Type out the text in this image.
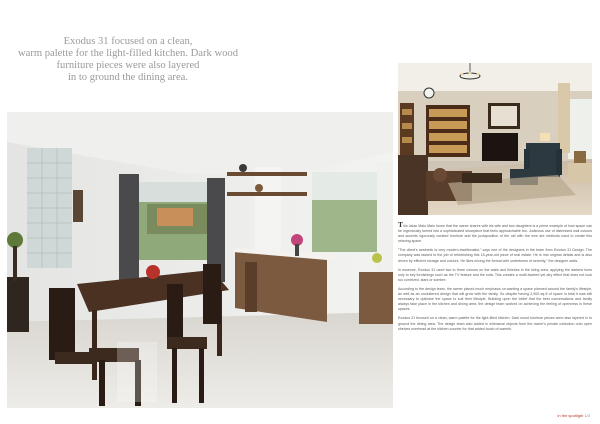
Exodus 31 focused on a clean,
warm palette for the light-filled kitchen. Dark wood
furniture pieces were also layered
in to ground the dining area.

This Jalan Malu Malu home that the owner shares with his wife and two daughters is a prime example of how space can be ingeniously turned into a sophisticated showpiece that feels approachable too. Judicious use of distressed wall colours and accents rigorously curated furniture and the juxtaposition of the old with the new are methods used to create this relaxing space.

"The client's aesthetic is very modern-traditionalist," says one of the designers in the team from Exodus 31 Design. The company was tasked to the job of refurbishing this 15-year-old piece of real estate. He is into original details and is also driven by efficient storage and colours. He likes mixing the formal with undertones of serenity," the designer adds.

In essence, Exodus 31 used two to three colours on the walls and finishes in the living area, applying the darkest hues only to key furnishings such as the TV feature and the sofa. This creates a multi-faceted yet airy effect that does not look too contrived, stark or sombre.

According to the design team, the owner placed much emphasis on wanting a space planned around the family's lifestyle, as well as an uncluttered design that will grow with the family. So despite having 2,900-sq-ft of space in total it was still necessary to optimise the space to suit their lifestyle. Building upon the belief that the best conversations and family always take place in the kitchen and dining area, the design team worked on achieving the feeling of openness in these spaces.

Exodus 31 focused on a clean, warm palette for the light-filled kitchen. Dark wood furniture pieces were also layered in to ground the dining area. The design team also added in whimsical objects from the owner's private collection onto open shelves overhead at the kitchen counter for that added touch of warmth.

in the spotlight 1/3
